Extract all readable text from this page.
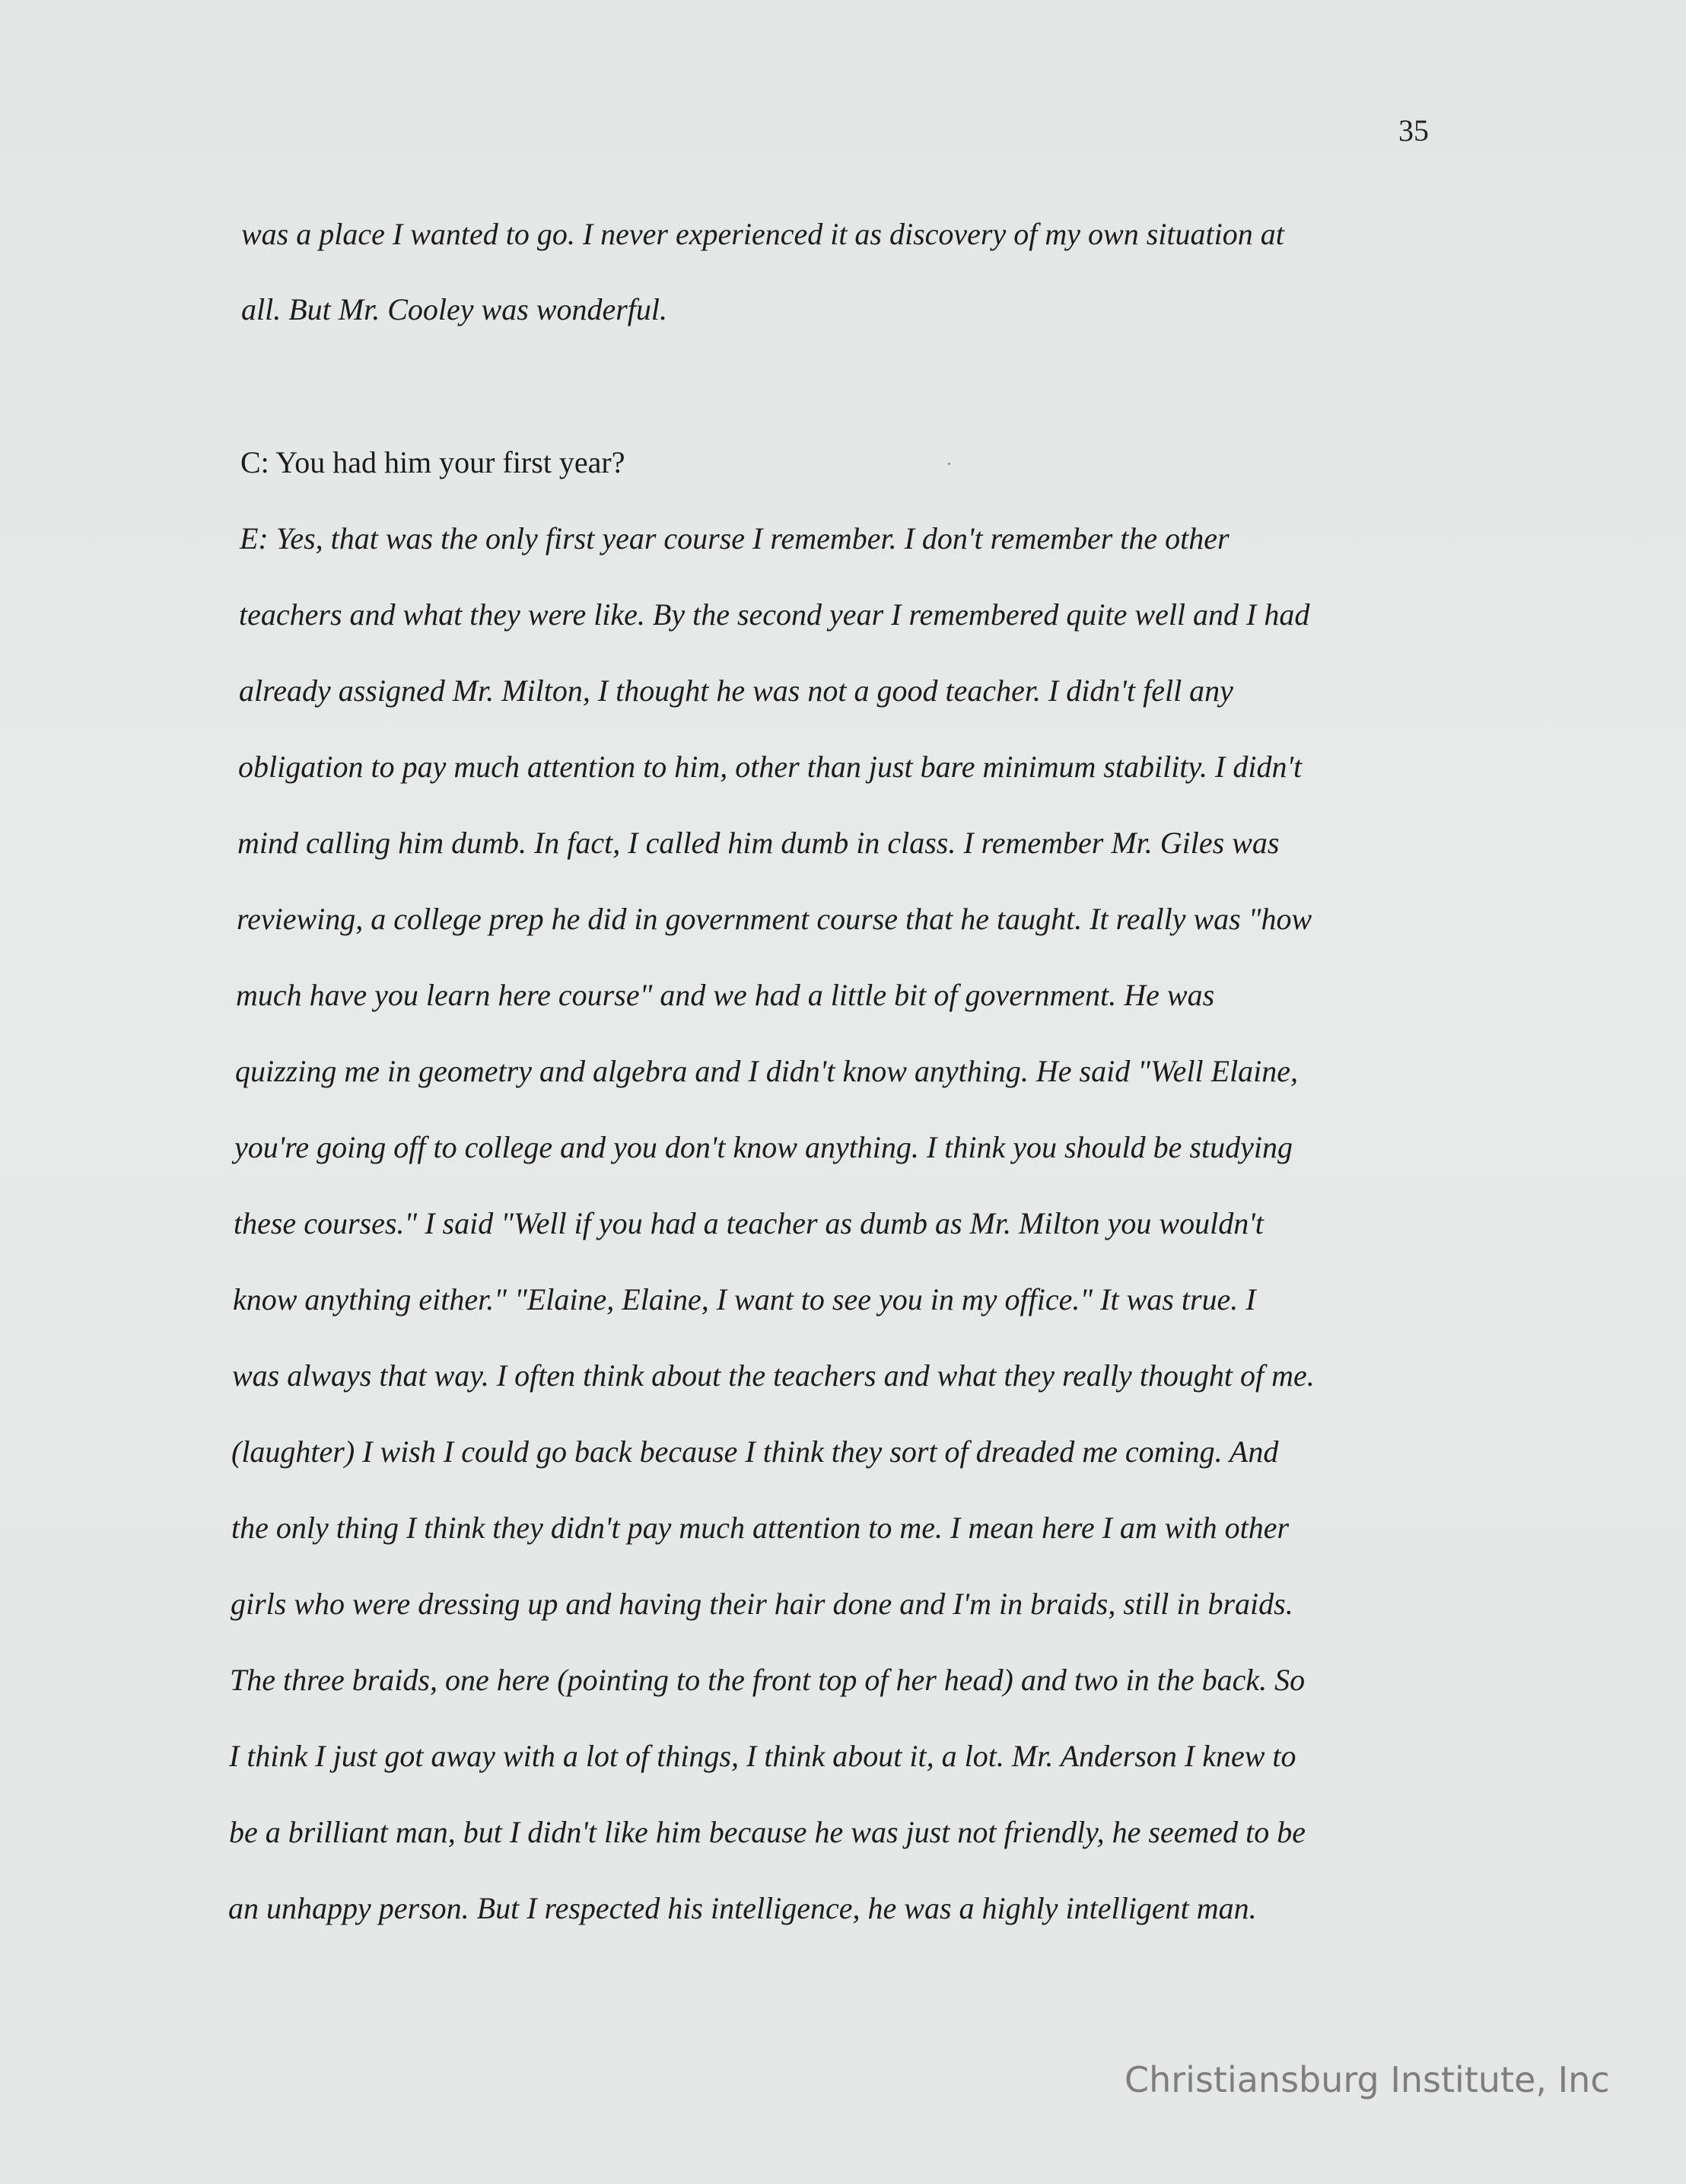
35
was a place I wanted to go. I never experienced it as discovery of my own situation at
all. But Mr. Cooley was wonderful.
C: You had him your first year?
E: Yes, that was the only first year course I remember. I don't remember the other
teachers and what they were like. By the second year I remembered quite well and I had
already assigned Mr. Milton, I thought he was not a good teacher. I didn't fell any
obligation to pay much attention to him, other than just bare minimum stability. I didn't
mind calling him dumb. In fact, I called him dumb in class. I remember Mr. Giles was
reviewing, a college prep he did in government course that he taught. It really was "how
much have you learn here course" and we had a little bit of government. He was
quizzing me in geometry and algebra and I didn't know anything. He said "Well Elaine,
you're going off to college and you don't know anything. I think you should be studying
these courses." I said "Well if you had a teacher as dumb as Mr. Milton you wouldn't
know anything either." "Elaine, Elaine, I want to see you in my office." It was true. I
was always that way. I often think about the teachers and what they really thought of me.
(laughter) I wish I could go back because I think they sort of dreaded me coming. And
the only thing I think they didn't pay much attention to me. I mean here I am with other
girls who were dressing up and having their hair done and I'm in braids, still in braids.
The three braids, one here (pointing to the front top of her head) and two in the back. So
I think I just got away with a lot of things, I think about it, a lot. Mr. Anderson I knew to
be a brilliant man, but I didn't like him because he was just not friendly, he seemed to be
an unhappy person. But I respected his intelligence, he was a highly intelligent man.
Christiansburg Institute, Inc
